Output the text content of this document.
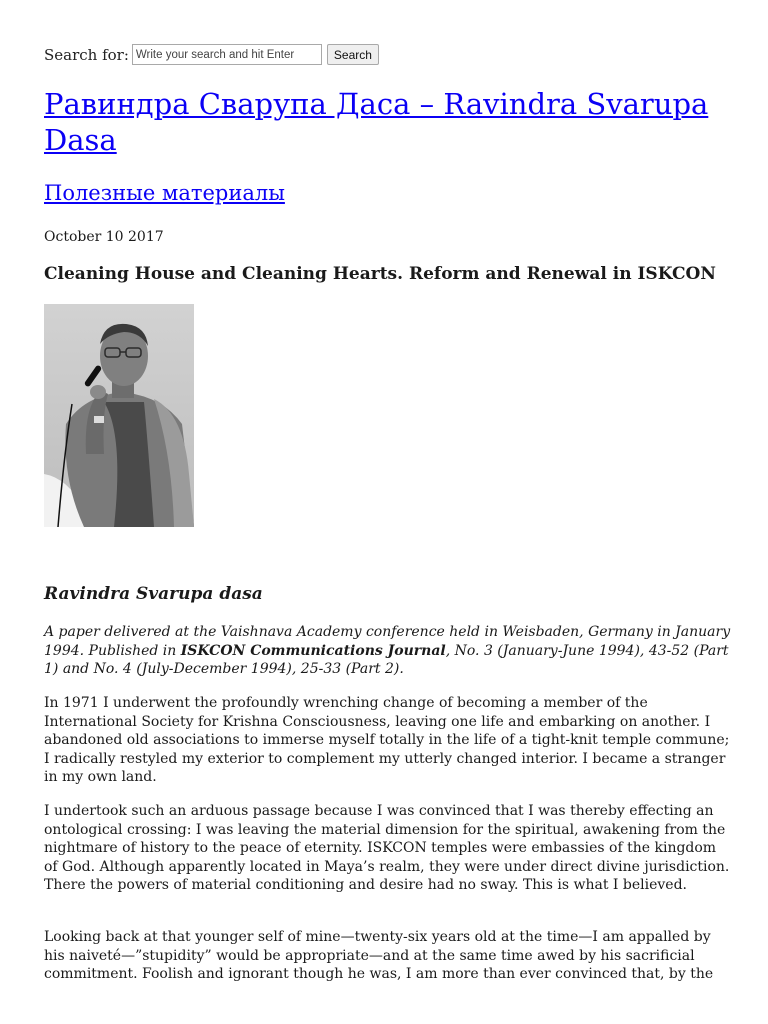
Search for:
Write your search and hit Enter	Search
Равиндра Сварупа Даса – Ravindra Svarupa Dasa
Полезные материалы
October 10 2017
Cleaning House and Cleaning Hearts. Reform and Renewal in ISKCON
Ravindra Svarupa dasa

A paper delivered at the Vaishnava Academy conference held in Weisbaden, Germany in January 1994. Published in ISKCON Communications Journal, No. 3 (January-June 1994), 43-52 (Part 1) and No. 4 (July-December 1994), 25-33 (Part 2).

In 1971 I underwent the profoundly wrenching change of becoming a member of the International Society for Krishna Consciousness, leaving one life and embarking on another. I abandoned old associations to immerse myself totally in the life of a tight-knit temple commune; I radically restyled my exterior to complement my utterly changed interior. I became a stranger in my own land.

I undertook such an arduous passage because I was convinced that I was thereby effecting an ontological crossing: I was leaving the material dimension for the spiritual, awakening from the nightmare of history to the peace of eternity. ISKCON temples were embassies of the kingdom of God. Although apparently located in Maya’s realm, they were under direct divine jurisdiction. There the powers of material conditioning and desire had no sway. This is what I believed.

Looking back at that younger self of mine—twenty-six years old at the time—I am appalled by his naiveté—”stupidity” would be appropriate—and at the same time awed by his sacrificial commitment. Foolish and ignorant though he was, I am more than ever convinced that, by the
